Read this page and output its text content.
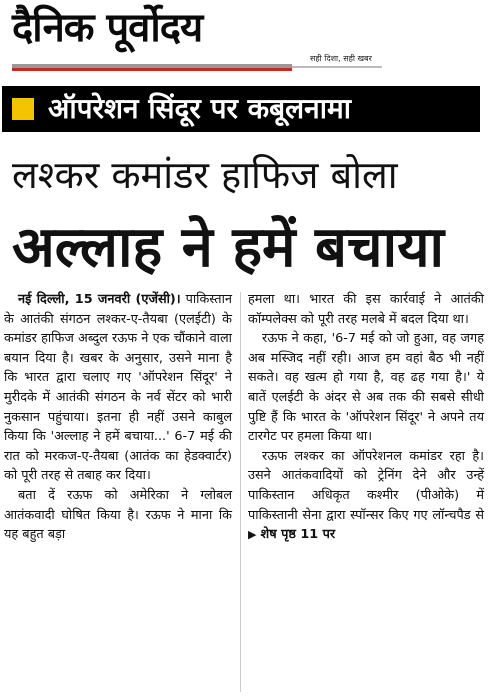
दैनिक पूर्वोदय
सही दिशा, सही खबर
ऑपरेशन सिंदूर पर कबूलनामा
लश्कर कमांडर हाफिज बोला
अल्लाह ने हमें बचाया

नई दिल्ली, 15 जनवरी (एजेंसी)। पाकिस्तान के आतंकी संगठन लश्कर-ए-तैयबा (एलईटी) के कमांडर हाफिज अब्दुल रऊफ ने एक चौंकाने वाला बयान दिया है। खबर के अनुसार, उसने माना है कि भारत द्वारा चलाए गए 'ऑपरेशन सिंदूर' ने मुरीदके में आतंकी संगठन के नर्व सेंटर को भारी नुकसान पहुंचाया। इतना ही नहीं उसने काबुल किया कि 'अल्लाह ने हमें बचाया...' 6-7 मई की रात को मरकज-ए-तैयबा (आतंक का हेडक्वार्टर) को पूरी तरह से तबाह कर दिया।

बता दें रऊफ को अमेरिका ने ग्लोबल आतंकवादी घोषित किया है। रऊफ ने माना कि यह बहुत बड़ा

हमला था। भारत की इस कार्रवाई ने आतंकी कॉम्पलेक्स को पूरी तरह मलबे में बदल दिया था।

रऊफ ने कहा, '6-7 मई को जो हुआ, वह जगह अब मस्जिद नहीं रही। आज हम वहां बैठ भी नहीं सकते। वह खत्म हो गया है, वह ढह गया है।' ये बातें एलईटी के अंदर से अब तक की सबसे सीधी पुष्टि हैं कि भारत के 'ऑपरेशन सिंदूर' ने अपने तय टारगेट पर हमला किया था।

रऊफ लश्कर का ऑपरेशनल कमांडर रहा है। उसने आतंकवादियों को ट्रेनिंग देने और उन्हें पाकिस्तान अधिकृत कश्मीर (पीओके) में पाकिस्तानी सेना द्वारा स्पॉन्सर किए गए लॉन्चपैड से ▶ शेष पृष्ठ 11 पर
